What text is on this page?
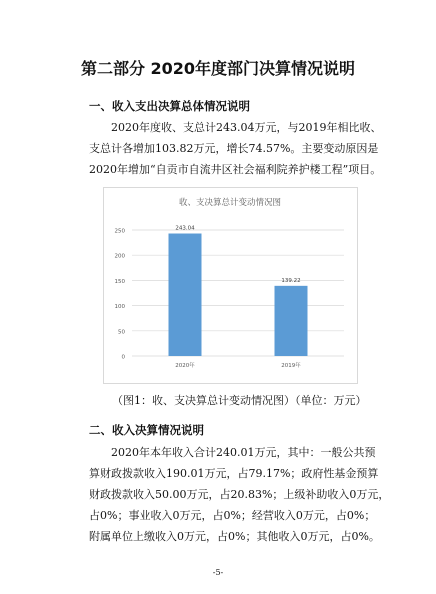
第二部分 2020年度部门决算情况说明
一、收入支出决算总体情况说明
2020年度收、支总计243.04万元，与2019年相比收、
支总计各增加103.82万元，增长74.57%。主要变动原因是
2020年增加“自贡市自流井区社会福利院养护楼工程”项目。
收、支决算总计变动情况图
0
50
100
150
200
250	243.04
2020年
139.22
2019年
（图1：收、支决算总计变动情况图）（单位：万元）
二、收入决算情况说明
2020年本年收入合计240.01万元，其中：一般公共预
算财政拨款收入190.01万元，占79.17%；政府性基金预算
财政拨款收入50.00万元，占20.83%；上级补助收入0万元，
占0%；事业收入0万元，占0%；经营收入0万元，占0%；
附属单位上缴收入0万元，占0%；其他收入0万元，占0%。
-5-
